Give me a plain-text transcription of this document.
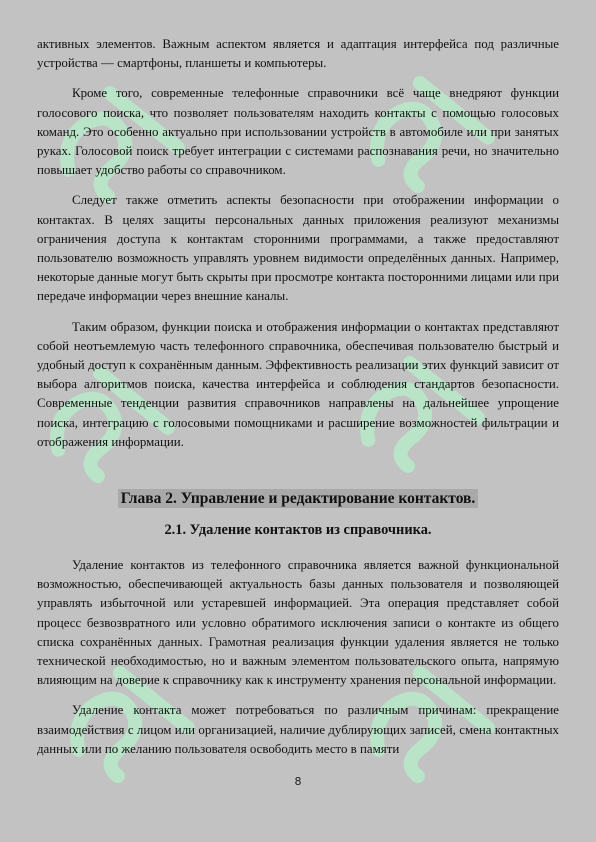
активных элементов. Важным аспектом является и адаптация интерфейса под различные устройства — смартфоны, планшеты и компьютеры.

Кроме того, современные телефонные справочники всё чаще внедряют функции голосового поиска, что позволяет пользователям находить контакты с помощью голосовых команд. Это особенно актуально при использовании устройств в автомобиле или при занятых руках. Голосовой поиск требует интеграции с системами распознавания речи, но значительно повышает удобство работы со справочником.

Следует также отметить аспекты безопасности при отображении информации о контактах. В целях защиты персональных данных приложения реализуют механизмы ограничения доступа к контактам сторонними программами, а также предоставляют пользователю возможность управлять уровнем видимости определённых данных. Например, некоторые данные могут быть скрыты при просмотре контакта посторонними лицами или при передаче информации через внешние каналы.

Таким образом, функции поиска и отображения информации о контактах представляют собой неотъемлемую часть телефонного справочника, обеспечивая пользователю быстрый и удобный доступ к сохранённым данным. Эффективность реализации этих функций зависит от выбора алгоритмов поиска, качества интерфейса и соблюдения стандартов безопасности. Современные тенденции развития справочников направлены на дальнейшее упрощение поиска, интеграцию с голосовыми помощниками и расширение возможностей фильтрации и отображения информации.

Глава 2. Управление и редактирование контактов.
2.1. Удаление контактов из справочника.

Удаление контактов из телефонного справочника является важной функциональной возможностью, обеспечивающей актуальность базы данных пользователя и позволяющей управлять избыточной или устаревшей информацией. Эта операция представляет собой процесс безвозвратного или условно обратимого исключения записи о контакте из общего списка сохранённых данных. Грамотная реализация функции удаления является не только технической необходимостью, но и важным элементом пользовательского опыта, напрямую влияющим на доверие к справочнику как к инструменту хранения персональной информации.

Удаление контакта может потребоваться по различным причинам: прекращение взаимодействия с лицом или организацией, наличие дублирующих записей, смена контактных данных или по желанию пользователя освободить место в памяти

8
